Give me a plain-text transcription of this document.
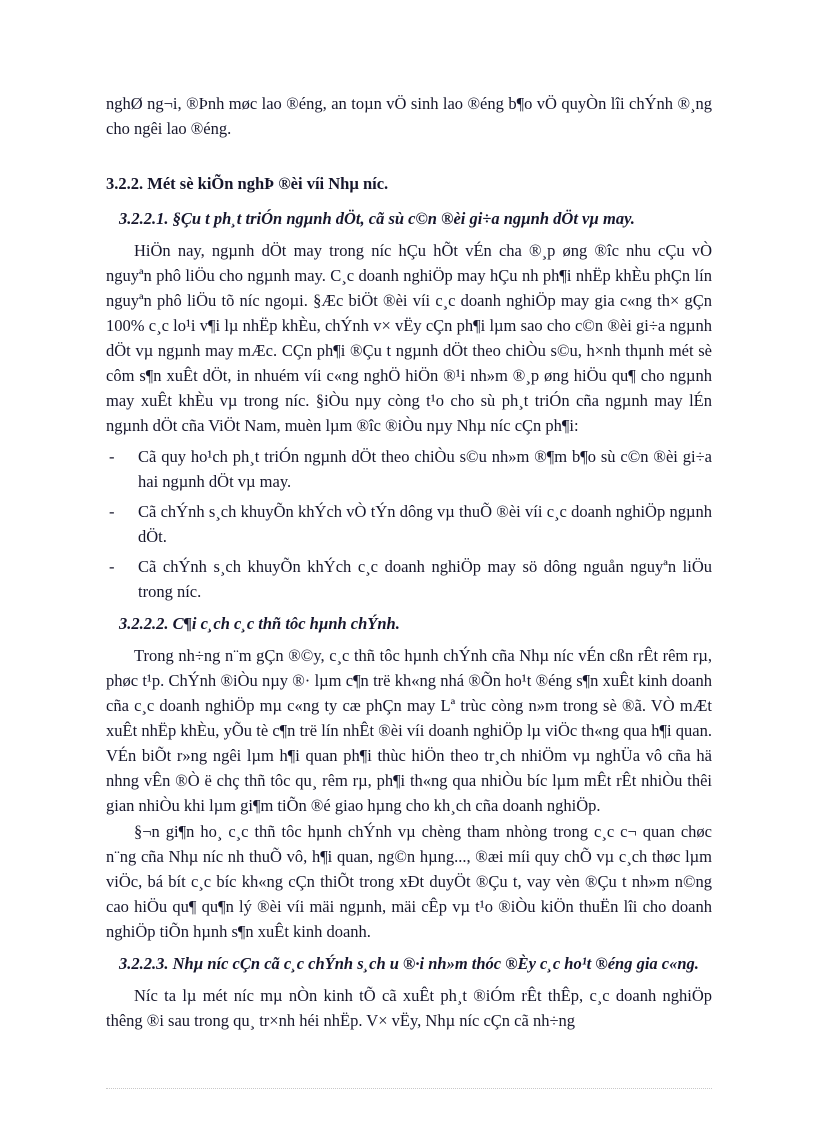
nghØ ng¬i, ®Þnh møc lao ®éng, an toµn vÖ sinh lao ®éng b¶o vÖ quyÒn lîi chÝnh ®¸ng cho ngêi lao ®éng.

3.2.2. Mét sè kiÕn nghÞ ®èi víi Nhµ níc.
3.2.2.1. §Çu t ph¸t triÓn ngµnh dÖt, cã sù c©n ®èi gi÷a ngµnh dÖt vµ may.

HiÖn nay, ngµnh dÖt may trong níc hÇu hÕt vÉn cha ®¸p øng ®îc nhu cÇu vÒ nguyªn phô liÖu cho ngµnh may. C¸c doanh nghiÖp may hÇu nh ph¶i nhËp khÈu phÇn lín nguyªn phô liÖu tõ níc ngoµi. §Æc biÖt ®èi víi c¸c doanh nghiÖp may gia c«ng th× gÇn 100% c¸c lo¹i v¶i lµ nhËp khÈu, chÝnh v× vËy cÇn ph¶i lµm sao cho c©n ®èi gi÷a ngµnh dÖt vµ ngµnh may mÆc. CÇn ph¶i ®Çu t ngµnh dÖt theo chiÒu s©u, h×nh thµnh mét sè côm s¶n xuÊt dÖt, in nhuém víi c«ng nghÖ hiÖn ®¹i nh»m ®¸p øng hiÖu qu¶ cho ngµnh may xuÊt khÈu vµ trong níc. §iÒu nµy còng t¹o cho sù ph¸t triÓn cña ngµnh may lÉn ngµnh dÖt cña ViÖt Nam, muèn lµm ®îc ®iÒu nµy Nhµ níc cÇn ph¶i:

- Cã quy ho¹ch ph¸t triÓn ngµnh dÖt theo chiÒu s©u nh»m ®¶m b¶o sù c©n ®èi gi÷a hai ngµnh dÖt vµ may.
- Cã chÝnh s¸ch khuyÕn khÝch vÒ tÝn dông vµ thuÕ ®èi víi c¸c doanh nghiÖp ngµnh dÖt.
- Cã chÝnh s¸ch khuyÕn khÝch c¸c doanh nghiÖp may sö dông nguån nguyªn liÖu trong níc.
3.2.2.2. C¶i c¸ch c¸c thñ tôc hµnh chÝnh.

Trong nh÷ng n¨m gÇn ®©y, c¸c thñ tôc hµnh chÝnh cña Nhµ níc vÉn cßn rÊt rêm rµ, phøc t¹p. ChÝnh ®iÒu nµy ®· lµm c¶n trë kh«ng nhá ®Õn ho¹t ®éng s¶n xuÊt kinh doanh cña c¸c doanh nghiÖp mµ c«ng ty cæ phÇn may Lª trùc còng n»m trong sè ®ã. VÒ mÆt xuÊt nhËp khÈu, yÕu tè c¶n trë lín nhÊt ®èi víi doanh nghiÖp lµ viÖc th«ng qua h¶i quan. VÉn biÕt r»ng ngêi lµm h¶i quan ph¶i thùc hiÖn theo tr¸ch nhiÖm vµ nghÜa vô cña hä nhng vÊn ®Ò ë chç thñ tôc qu¸ rêm rµ, ph¶i th«ng qua nhiÒu bíc lµm mÊt rÊt nhiÒu thêi gian nhiÒu khi lµm gi¶m tiÕn ®é giao hµng cho kh¸ch cña doanh nghiÖp.

§¬n gi¶n ho¸ c¸c thñ tôc hµnh chÝnh vµ chèng tham nhòng trong c¸c c¬ quan chøc n¨ng cña Nhµ níc nh thuÕ vô, h¶i quan, ng©n hµng..., ®æi míi quy chÕ vµ c¸ch thøc lµm viÖc, bá bít c¸c bíc kh«ng cÇn thiÕt trong xÐt duyÖt ®Çu t, vay vèn ®Çu t nh»m n©ng cao hiÖu qu¶ qu¶n lý ®èi víi mäi ngµnh, mäi cÊp vµ t¹o ®iÒu kiÖn thuËn lîi cho doanh nghiÖp tiÕn hµnh s¶n xuÊt kinh doanh.

3.2.2.3. Nhµ níc cÇn cã c¸c chÝnh s¸ch u ®·i nh»m thóc ®Èy c¸c ho¹t ®éng gia c«ng.

Níc ta lµ mét níc mµ nÒn kinh tÕ cã xuÊt ph¸t ®iÓm rÊt thÊp, c¸c doanh nghiÖp thêng ®i sau trong qu¸ tr×nh héi nhËp. V× vËy, Nhµ níc cÇn cã nh÷ng
